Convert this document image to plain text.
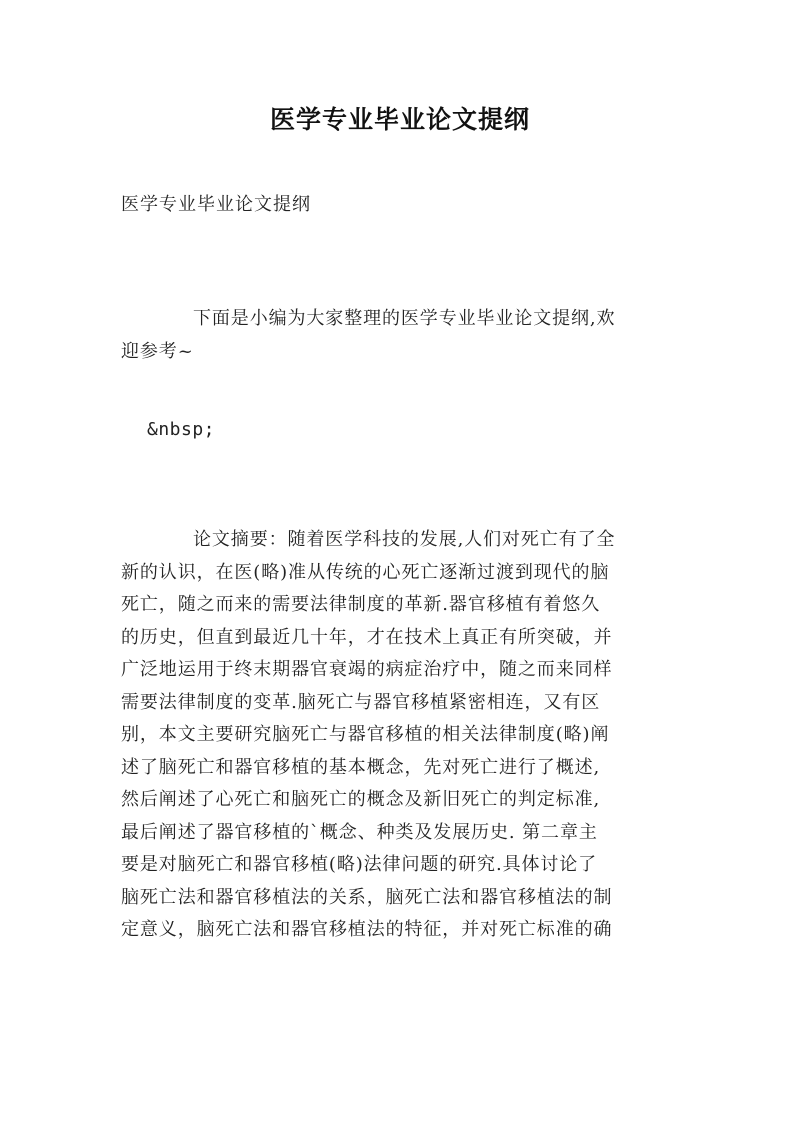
医学专业毕业论文提纲

医学专业毕业论文提纲

下面是小编为大家整理的医学专业毕业论文提纲,欢
迎参考~

&nbsp;

论文摘要：随着医学科技的发展,人们对死亡有了全
新的认识，在医(略)准从传统的心死亡逐渐过渡到现代的脑
死亡，随之而来的需要法律制度的革新.器官移植有着悠久
的历史，但直到最近几十年，才在技术上真正有所突破，并
广泛地运用于终末期器官衰竭的病症治疗中，随之而来同样
需要法律制度的变革.脑死亡与器官移植紧密相连，又有区
别，本文主要研究脑死亡与器官移植的相关法律制度(略)阐
述了脑死亡和器官移植的基本概念，先对死亡进行了概述,
然后阐述了心死亡和脑死亡的概念及新旧死亡的判定标准,
最后阐述了器官移植的`概念、种类及发展历史. 第二章主
要是对脑死亡和器官移植(略)法律问题的研究.具体讨论了
脑死亡法和器官移植法的关系，脑死亡法和器官移植法的制
定意义，脑死亡法和器官移植法的特征，并对死亡标准的确
